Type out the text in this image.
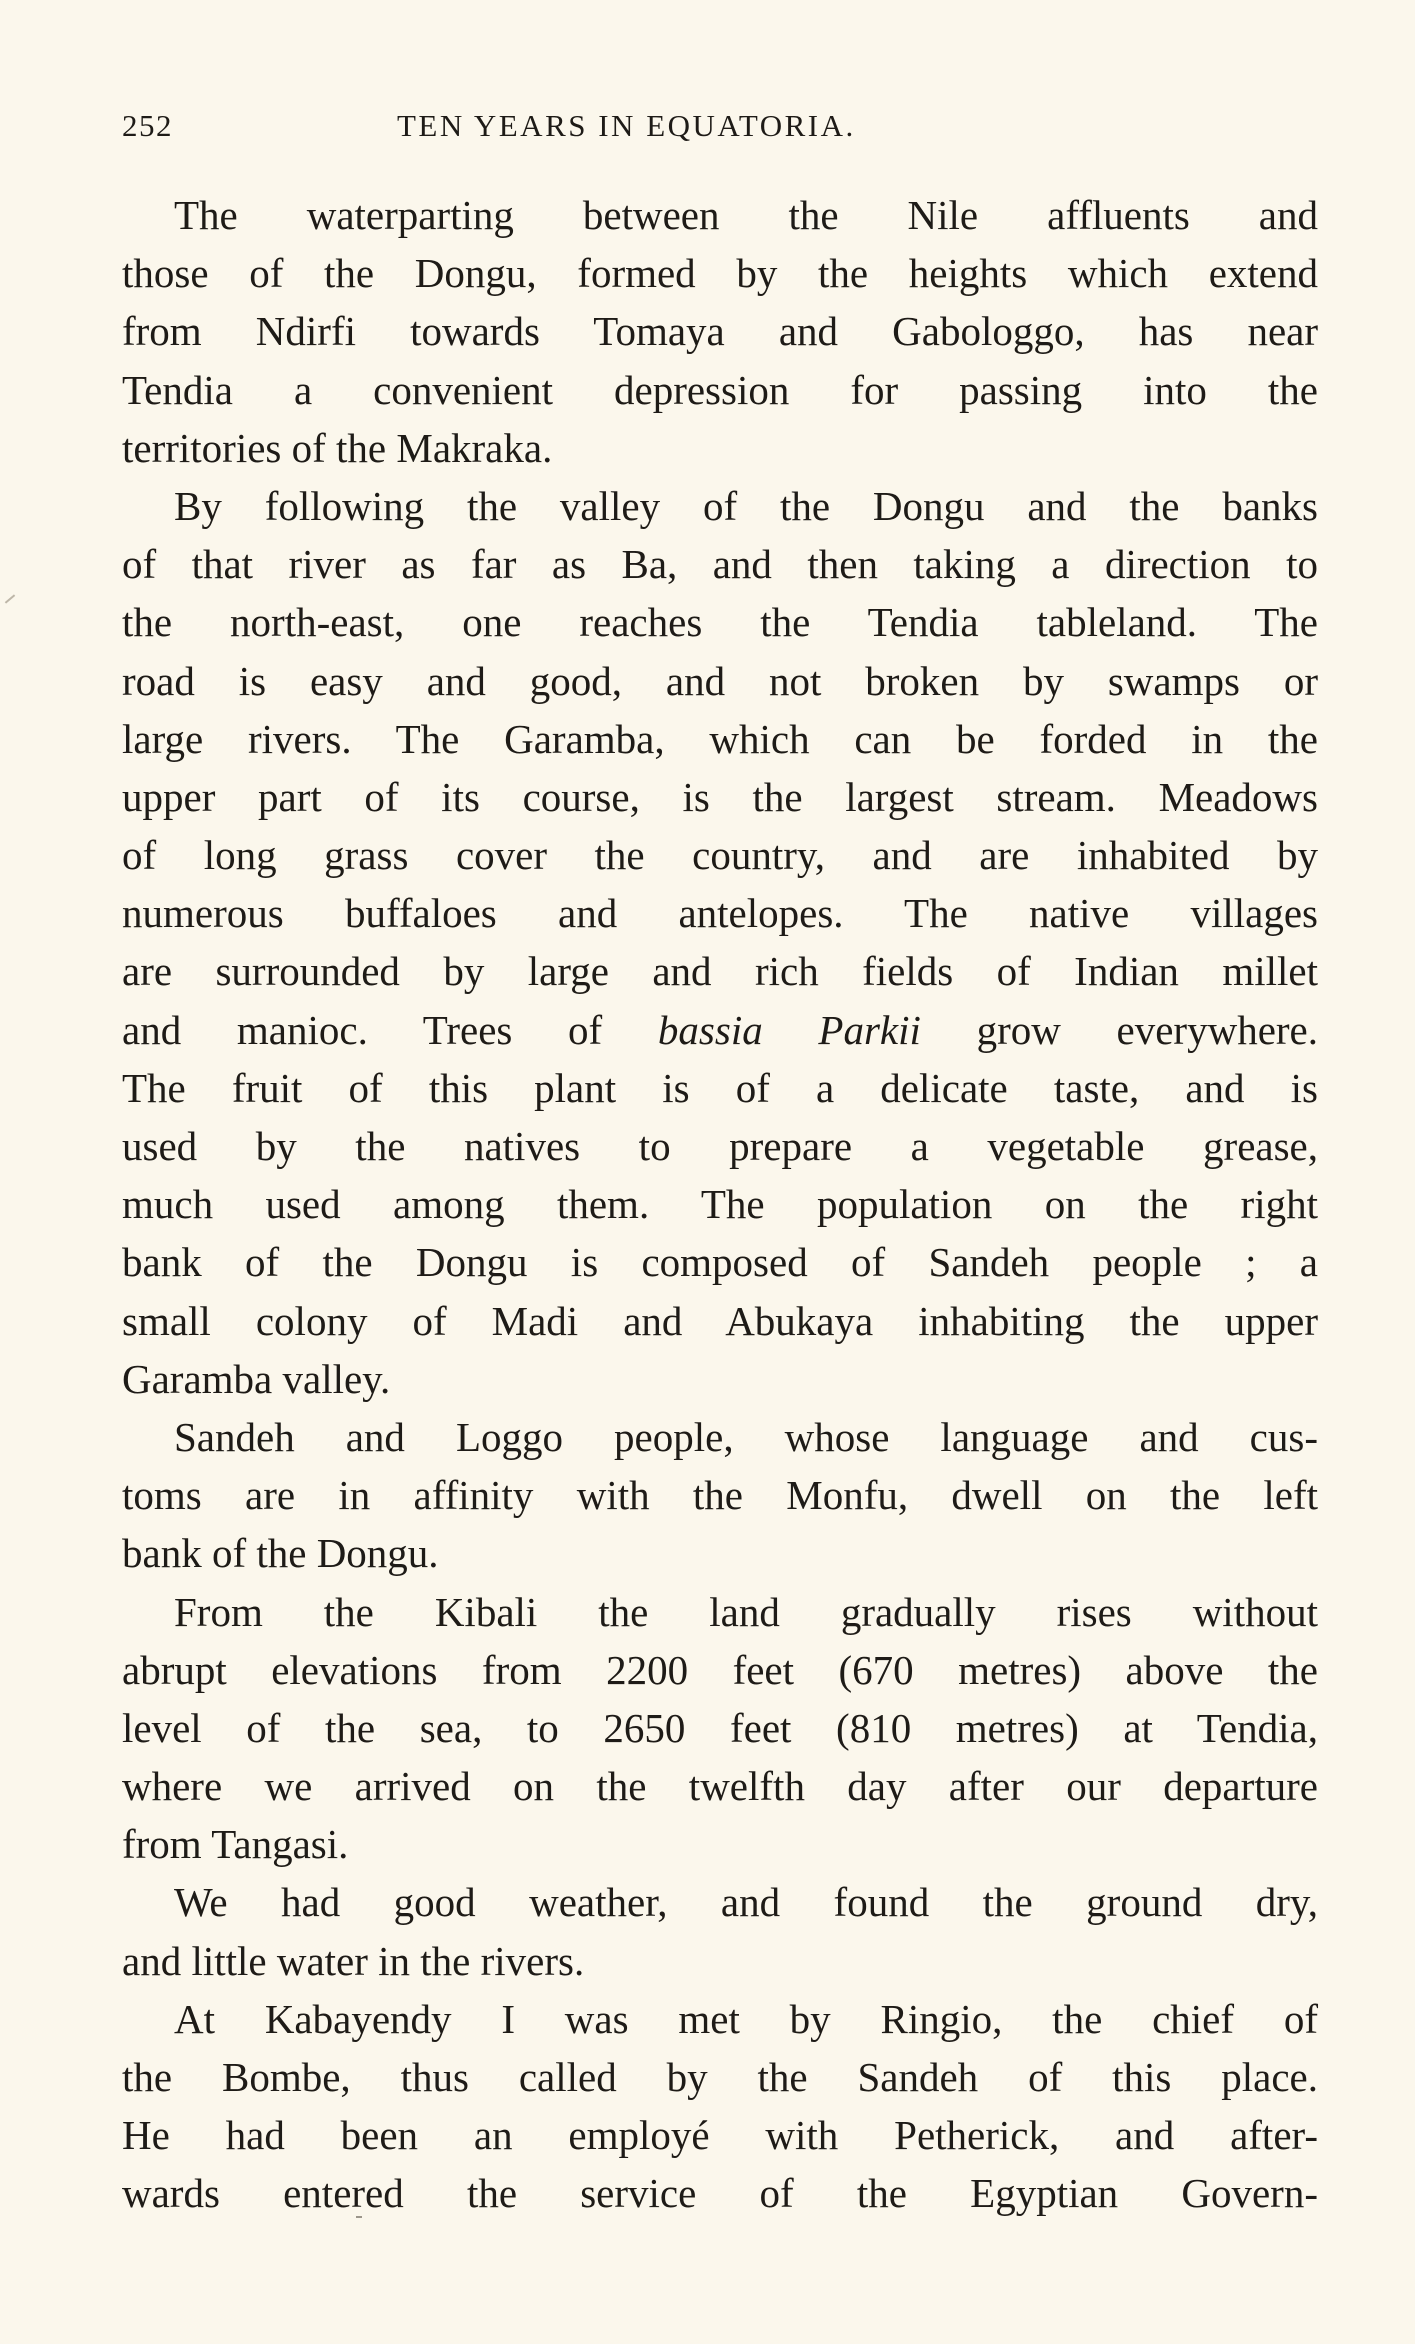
252	TEN YEARS IN EQUATORIA.
The waterparting between the Nile affluents and
those of the Dongu, formed by the heights which extend
from Ndirfi towards Tomaya and Gabologgo, has near
Tendia a convenient depression for passing into the
territories of the Makraka.
By following the valley of the Dongu and the banks
of that river as far as Ba, and then taking a direction to
the north-east, one reaches the Tendia tableland. The
road is easy and good, and not broken by swamps or
large rivers. The Garamba, which can be forded in the
upper part of its course, is the largest stream. Meadows
of long grass cover the country, and are inhabited by
numerous buffaloes and antelopes. The native villages
are surrounded by large and rich fields of Indian millet
and manioc. Trees of bassia Parkii grow everywhere.
The fruit of this plant is of a delicate taste, and is
used by the natives to prepare a vegetable grease,
much used among them. The population on the right
bank of the Dongu is composed of Sandeh people ; a
small colony of Madi and Abukaya inhabiting the upper
Garamba valley.
Sandeh and Loggo people, whose language and cus-
toms are in affinity with the Monfu, dwell on the left
bank of the Dongu.
From the Kibali the land gradually rises without
abrupt elevations from 2200 feet (670 metres) above the
level of the sea, to 2650 feet (810 metres) at Tendia,
where we arrived on the twelfth day after our departure
from Tangasi.
We had good weather, and found the ground dry,
and little water in the rivers.
At Kabayendy I was met by Ringio, the chief of
the Bombe, thus called by the Sandeh of this place.
He had been an employé with Petherick, and after-
wards entered the service of the Egyptian Govern-
